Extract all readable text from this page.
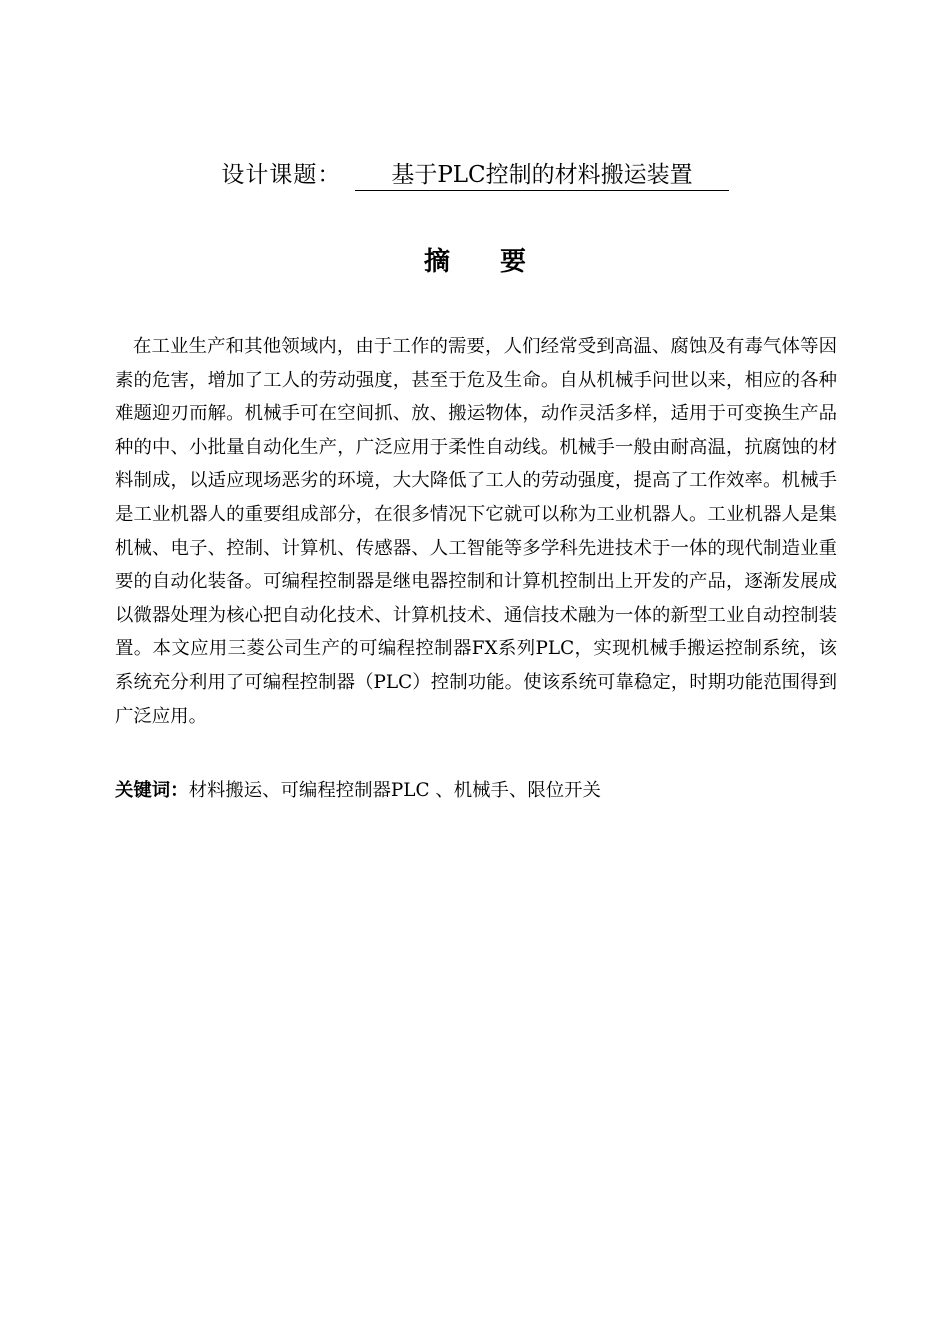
设计课题： 基于PLC控制的材料搬运装置
摘要
在工业生产和其他领域内，由于工作的需要，人们经常受到高温、腐蚀及有毒气体等因素的危害，增加了工人的劳动强度，甚至于危及生命。自从机械手问世以来，相应的各种难题迎刃而解。机械手可在空间抓、放、搬运物体，动作灵活多样，适用于可变换生产品种的中、小批量自动化生产，广泛应用于柔性自动线。机械手一般由耐高温，抗腐蚀的材料制成，以适应现场恶劣的环境，大大降低了工人的劳动强度，提高了工作效率。机械手是工业机器人的重要组成部分，在很多情况下它就可以称为工业机器人。工业机器人是集机械、电子、控制、计算机、传感器、人工智能等多学科先进技术于一体的现代制造业重要的自动化装备。可编程控制器是继电器控制和计算机控制出上开发的产品，逐渐发展成以微器处理为核心把自动化技术、计算机技术、通信技术融为一体的新型工业自动控制装置。本文应用三菱公司生产的可编程控制器FX系列PLC，实现机械手搬运控制系统，该系统充分利用了可编程控制器（PLC）控制功能。使该系统可靠稳定，时期功能范围得到广泛应用。
关键词：材料搬运、可编程控制器PLC 、机械手、限位开关
